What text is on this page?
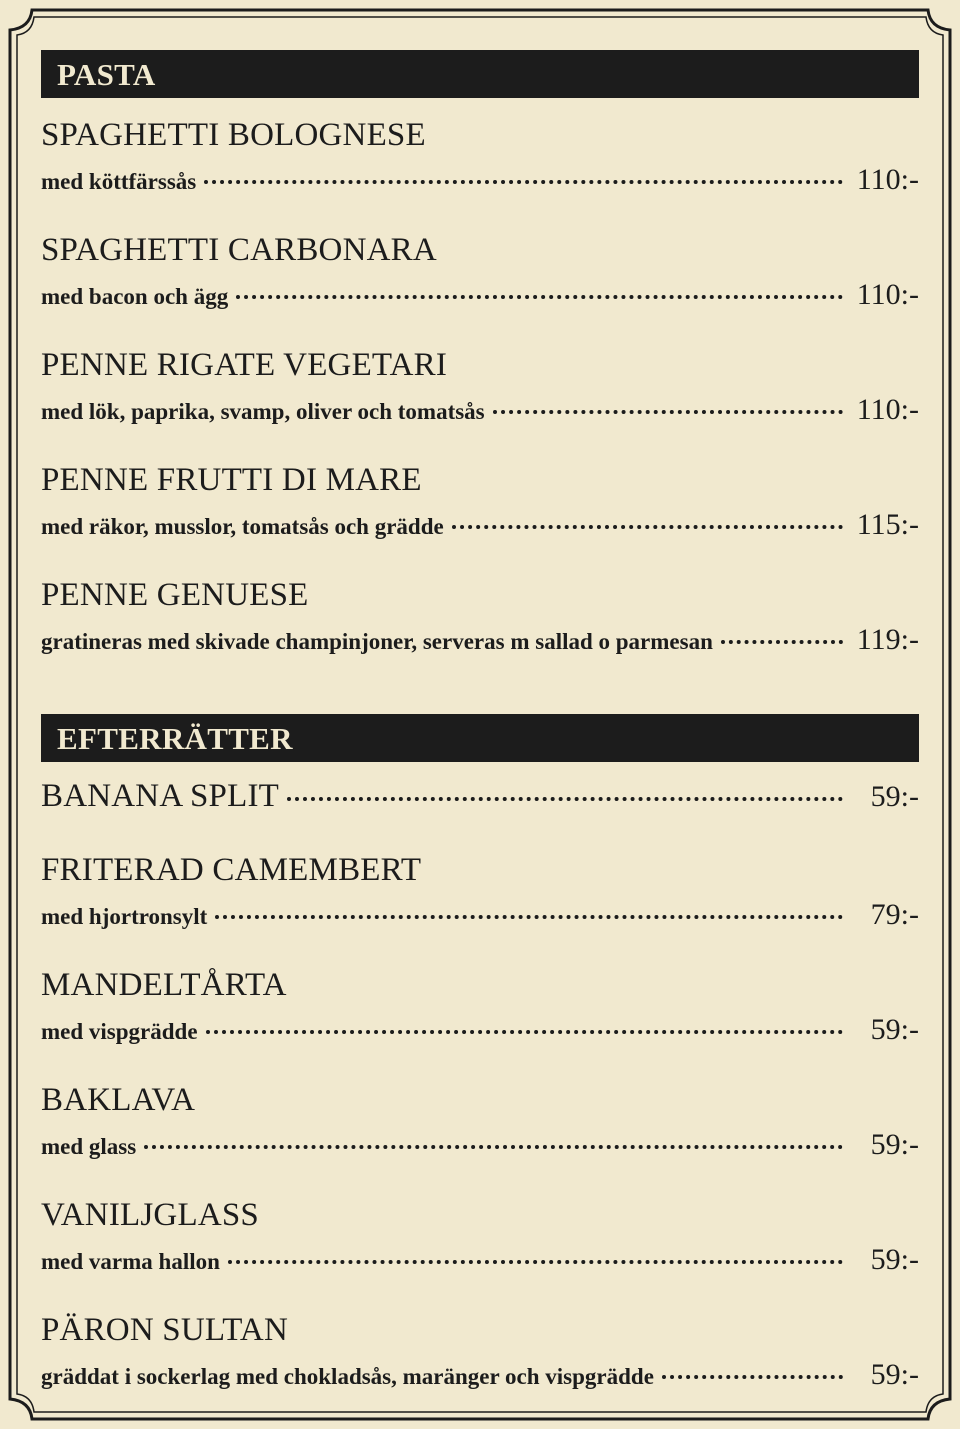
PASTA
SPAGHETTI BOLOGNESE
med köttfärssås	110:-
SPAGHETTI CARBONARA
med bacon och ägg	110:-
PENNE RIGATE VEGETARI
med lök, paprika, svamp, oliver och tomatsås	110:-
PENNE FRUTTI DI MARE
med räkor, musslor, tomatsås och grädde	115:-
PENNE GENUESE
gratineras med skivade champinjoner, serveras m sallad o parmesan	119:-
EFTERRÄTTER
BANANA SPLIT	59:-
FRITERAD CAMEMBERT
med hjortronsylt	79:-
MANDELTÅRTA
med vispgrädde	59:-
BAKLAVA
med glass	59:-
VANILJGLASS
med varma hallon	59:-
PÄRON SULTAN
gräddat i sockerlag med chokladsås, maränger och vispgrädde	59:-
